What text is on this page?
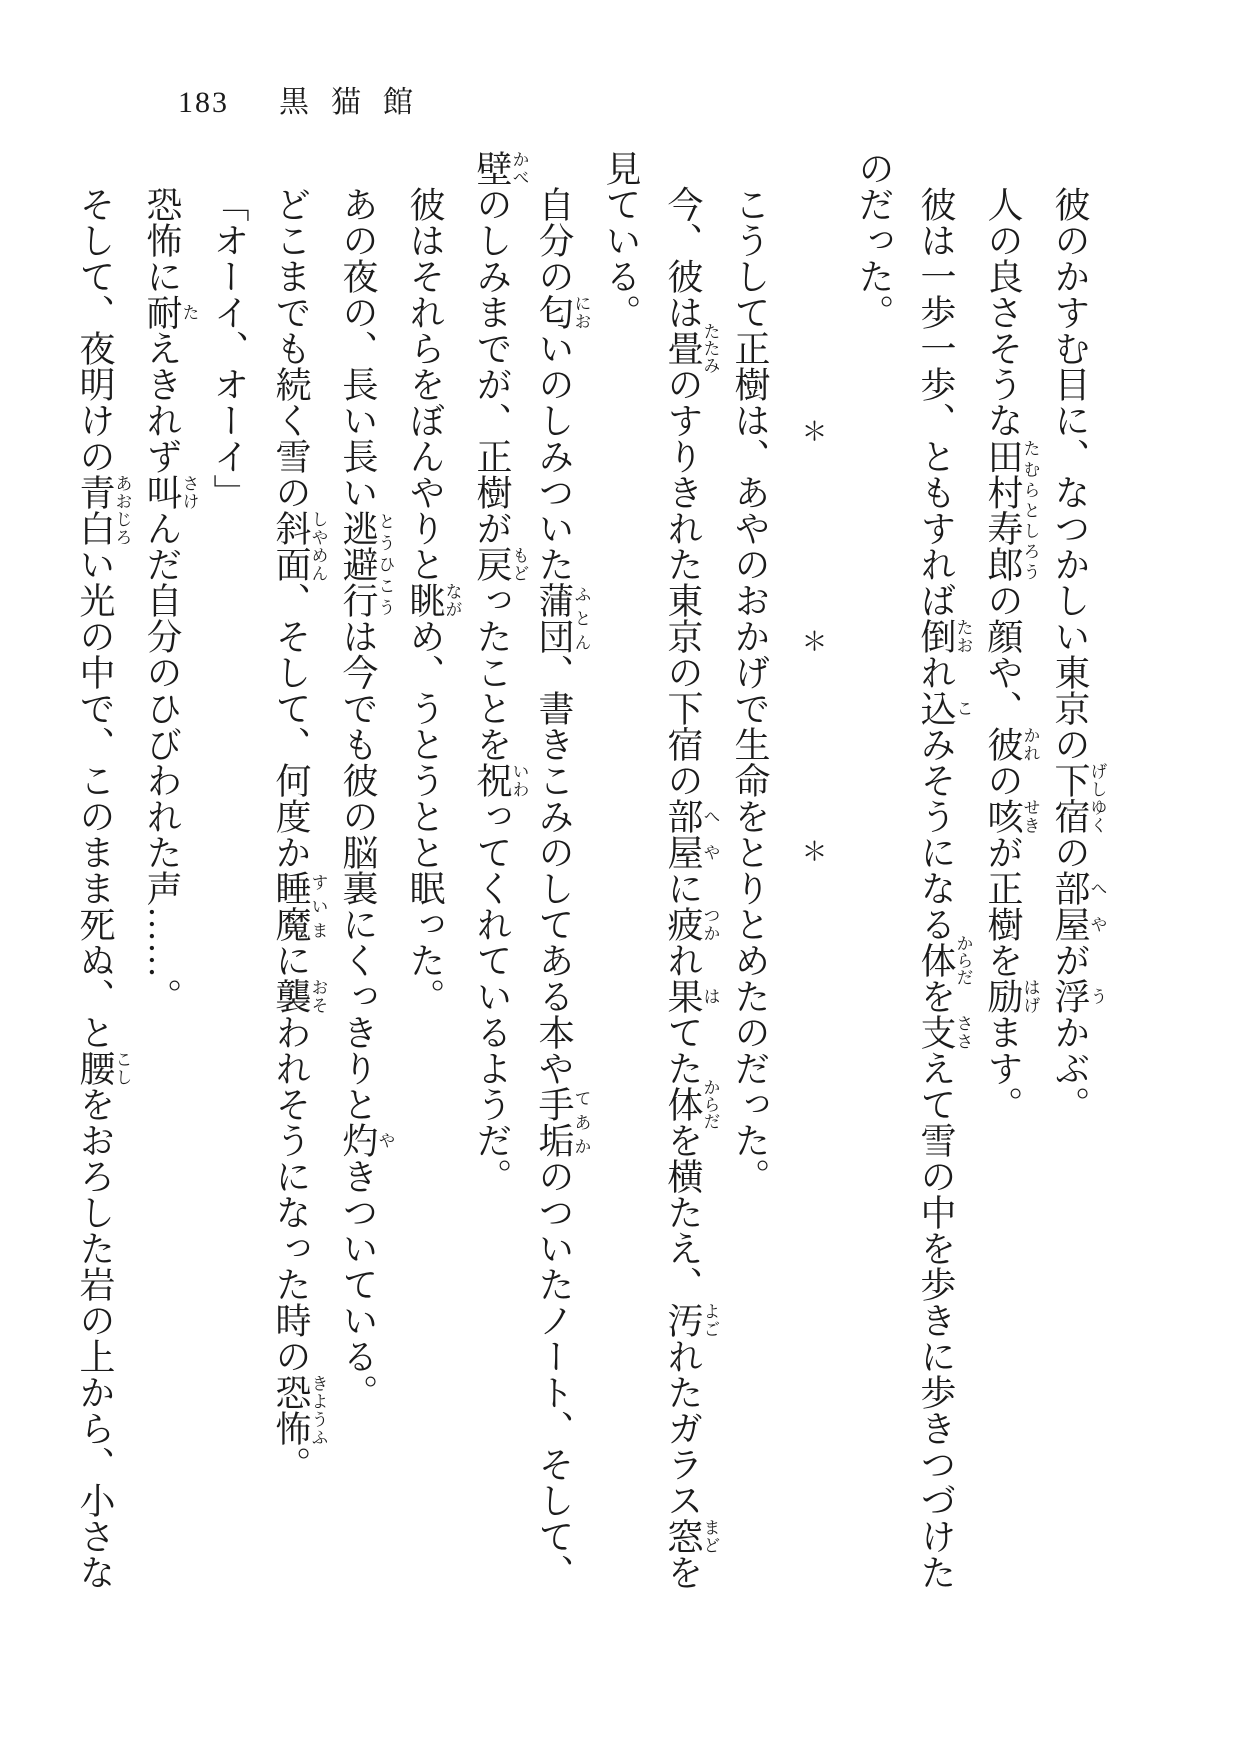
183 黒猫館

彼のかすむ目に、なつかしい東京の下宿げしゆくの部屋へやが浮うかぶ。

人の良さそうな田村寿郎たむらとしろうの顔や、彼かれの咳せきが正樹を励はげます。

彼は一歩一歩、ともすれば倒たおれ込こみそうになる体からだを支ささえて雪の中を歩きに歩きつづけたのだった。

＊＊＊

こうして正樹は、あやのおかげで生命をとりとめたのだった。

今、彼は畳たたみのすりきれた東京の下宿の部屋へやに疲つかれ果はてた体からだを横たえ、汚よごれたガラス窓まどを見ている。

自分の匂においのしみついた蒲団ふとん、書きこみのしてある本や手垢てあかのついたノート、そして、壁かべのしみまでが、正樹が戻もどったことを祝いわってくれているようだ。

彼はそれらをぼんやりと眺ながめ、うとうとと眠った。

あの夜の、長い長い逃避行とうひこうは今でも彼の脳裏にくっきりと灼やきついている。

どこまでも続く雪の斜面しやめん、そして、何度か睡魔すいまに襲おそわれそうになった時の恐怖きようふ。

「オーイ、オーイ」

恐怖に耐たえきれず叫さけんだ自分のひびわれた声……。

そして、夜明けの青白あおじろい光の中で、このまま死ぬ、と腰こしをおろした岩の上から、小さな
